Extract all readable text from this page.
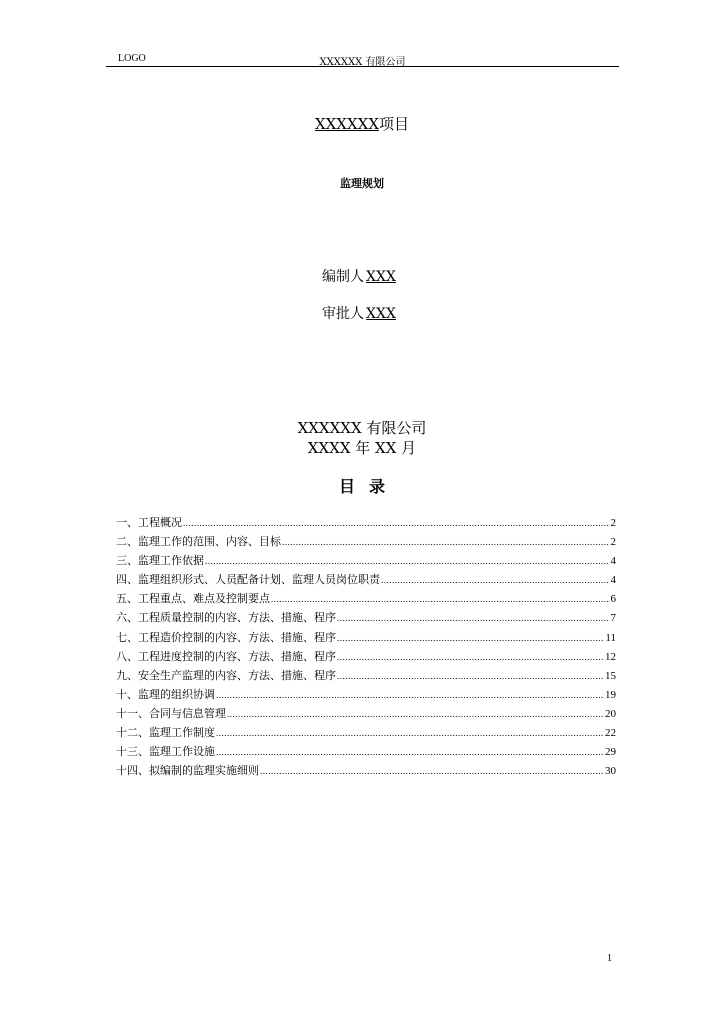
LOGO	XXXXXX 有限公司
XXXXXX项目
监理规划
编制人 XXX
审批人 XXX
XXXXXX 有限公司
XXXX 年 XX 月
目录
一、工程概况 .....	2
二、监理工作的范围、内容、目标 .....	2
三、监理工作依据 .....	4
四、监理组织形式、人员配备计划、监理人员岗位职责 .....	4
五、工程重点、难点及控制要点 .....	6
六、工程质量控制的内容、方法、措施、程序 .....	7
七、工程造价控制的内容、方法、措施、程序 .....	11
八、工程进度控制的内容、方法、措施、程序 .....	12
九、安全生产监理的内容、方法、措施、程序 .....	15
十、监理的组织协调 .....	19
十一、合同与信息管理 .....	20
十二、监理工作制度 .....	22
十三、监理工作设施 .....	29
十四、拟编制的监理实施细则 .....	30
1
